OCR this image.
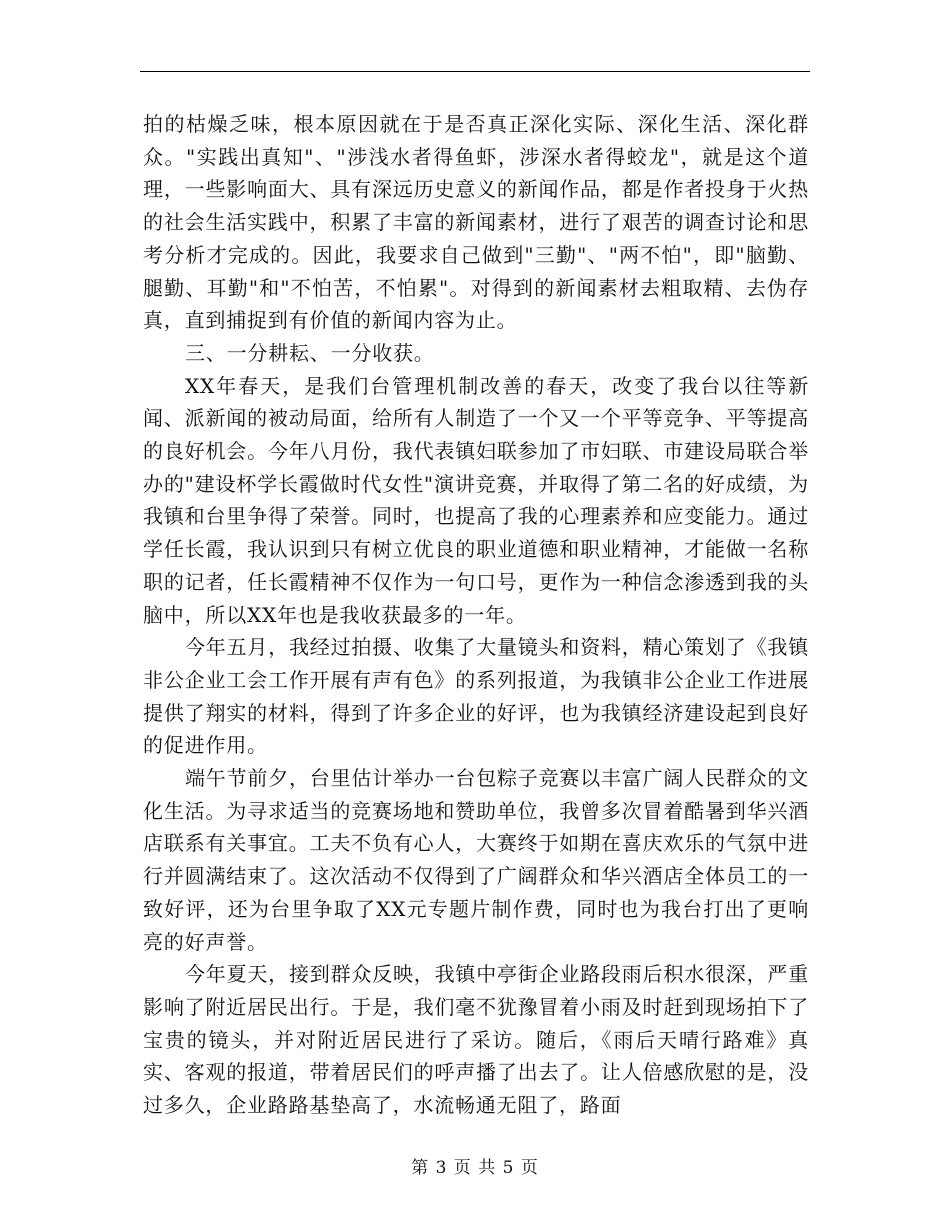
拍的枯燥乏味，根本原因就在于是否真正深化实际、深化生活、深化群众。"实践出真知"、"涉浅水者得鱼虾，涉深水者得蛟龙"，就是这个道理，一些影响面大、具有深远历史意义的新闻作品，都是作者投身于火热的社会生活实践中，积累了丰富的新闻素材，进行了艰苦的调查讨论和思考分析才完成的。因此，我要求自己做到"三勤"、"两不怕"，即"脑勤、腿勤、耳勤"和"不怕苦，不怕累"。对得到的新闻素材去粗取精、去伪存真，直到捕捉到有价值的新闻内容为止。

三、一分耕耘、一分收获。

XX年春天，是我们台管理机制改善的春天，改变了我台以往等新闻、派新闻的被动局面，给所有人制造了一个又一个平等竞争、平等提高的良好机会。今年八月份，我代表镇妇联参加了市妇联、市建设局联合举办的"建设杯学长霞做时代女性"演讲竞赛，并取得了第二名的好成绩，为我镇和台里争得了荣誉。同时，也提高了我的心理素养和应变能力。通过学任长霞，我认识到只有树立优良的职业道德和职业精神，才能做一名称职的记者，任长霞精神不仅作为一句口号，更作为一种信念渗透到我的头脑中，所以XX年也是我收获最多的一年。

今年五月，我经过拍摄、收集了大量镜头和资料，精心策划了《我镇非公企业工会工作开展有声有色》的系列报道，为我镇非公企业工作进展提供了翔实的材料，得到了许多企业的好评，也为我镇经济建设起到良好的促进作用。

端午节前夕，台里估计举办一台包粽子竞赛以丰富广阔人民群众的文化生活。为寻求适当的竞赛场地和赞助单位，我曾多次冒着酷暑到华兴酒店联系有关事宜。工夫不负有心人，大赛终于如期在喜庆欢乐的气氛中进行并圆满结束了。这次活动不仅得到了广阔群众和华兴酒店全体员工的一致好评，还为台里争取了XX元专题片制作费，同时也为我台打出了更响亮的好声誉。

今年夏天，接到群众反映，我镇中亭街企业路段雨后积水很深，严重影响了附近居民出行。于是，我们毫不犹豫冒着小雨及时赶到现场拍下了宝贵的镜头，并对附近居民进行了采访。随后，《雨后天晴行路难》真实、客观的报道，带着居民们的呼声播了出去了。让人倍感欣慰的是，没过多久，企业路路基垫高了，水流畅通无阻了，路面

第 3 页 共 5 页
